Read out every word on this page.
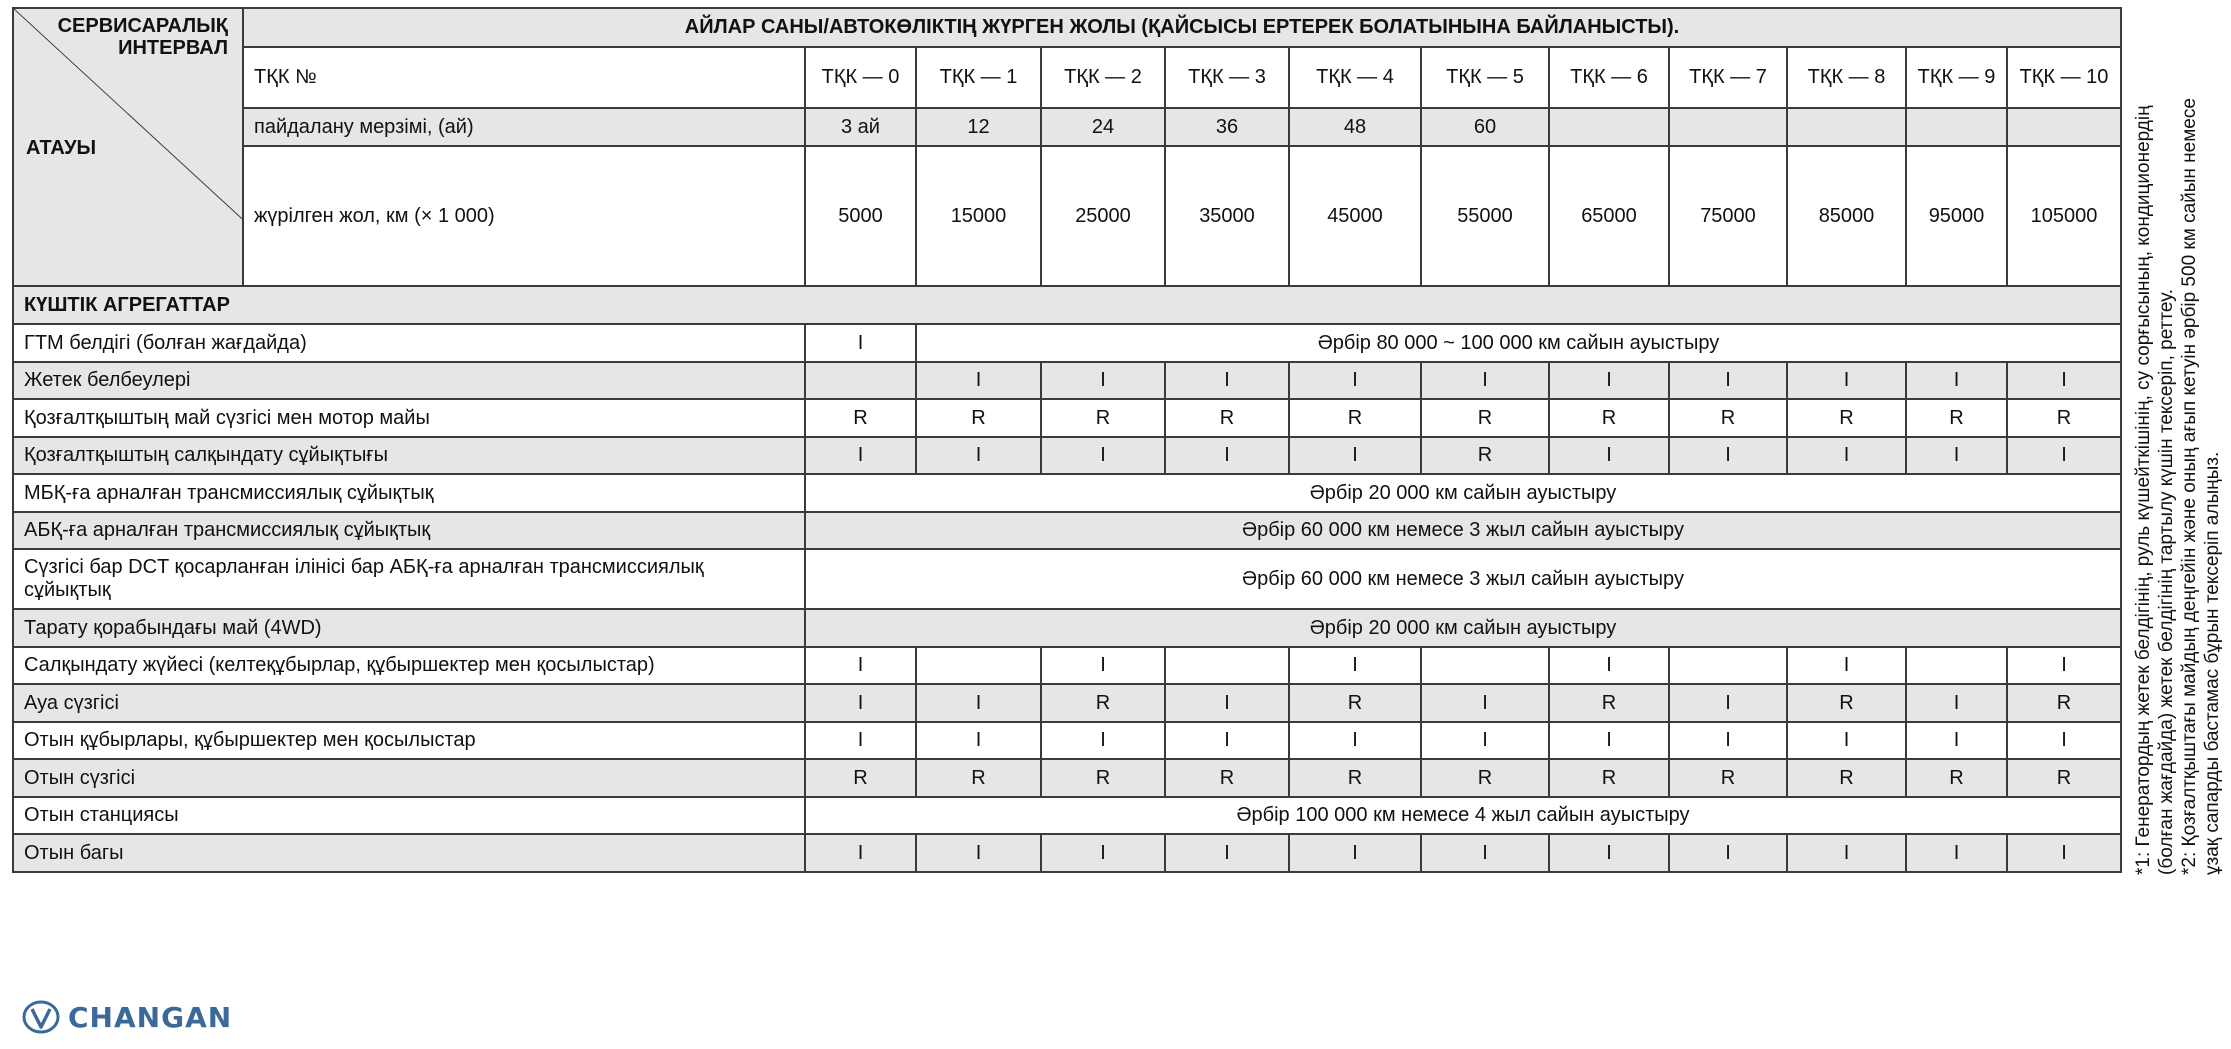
СЕРВИСАРАЛЫҚ ИНТЕРВАЛ
АТАУЫ	АЙЛАР САНЫ/АВТОКӨЛІКТІҢ ЖҮРГЕН ЖОЛЫ (ҚАЙСЫСЫ ЕРТЕРЕК БОЛАТЫНЫНА БАЙЛАНЫСТЫ).											
	ТҚК №	ТҚК — 0	ТҚК — 1	ТҚК — 2	ТҚК — 3	ТҚК — 4	ТҚК — 5	ТҚК — 6	ТҚК — 7	ТҚК — 8	ТҚК — 9	ТҚК — 10
	пайдалану мерзімі, (ай)	3 ай	12	24	36	48	60					
	жүрілген жол, км (× 1 000)	5000	15000	25000	35000	45000	55000	65000	75000	85000	95000	105000
КҮШТІК АГРЕГАТТАР												
ГТМ белдігі (болған жағдайда)		I	Әрбір 80 000 ~ 100 000 км сайын ауыстыру									
Жетек белбеулері			I	I	I	I	I	I	I	I	I	I
Қозғалтқыштың май сүзгісі мен мотор майы		R	R	R	R	R	R	R	R	R	R	R
Қозғалтқыштың салқындату сұйықтығы		I	I	I	I	I	R	I	I	I	I	I
МБҚ-ға арналған трансмиссиялық сұйықтық		Әрбір 20 000 км сайын ауыстыру										
АБҚ-ға арналған трансмиссиялық сұйықтық		Әрбір 60 000 км немесе 3 жыл сайын ауыстыру										
Сүзгісі бар DCT қосарланған ілінісі бар АБҚ-ға арналған трансмиссиялық сұйықтық		Әрбір 60 000 км немесе 3 жыл сайын ауыстыру										
Тарату қорабындағы май (4WD)		Әрбір 20 000 км сайын ауыстыру										
Салқындату жүйесі (келтеқұбырлар, құбыршектер мен қосылыстар)		I		I		I		I		I		I
Ауа сүзгісі		I	I	R	I	R	I	R	I	R	I	R
Отын құбырлары, құбыршектер мен қосылыстар		I	I	I	I	I	I	I	I	I	I	I
Отын сүзгісі		R	R	R	R	R	R	R	R	R	R	R
Отын станциясы		Әрбір 100 000 км немесе 4 жыл сайын ауыстыру										
Отын багы		I	I	I	I	I	I	I	I	I	I	I	*1: Генератордың жетек белдігінің, руль күшейткішінің, су сорғысының, кондиционердің (болған жағдайда) жетек белдігінің тартылу күшін тексеріп, реттеу. *2: Қозғалтқыштағы майдың деңгейін және оның ағып кетуін әрбір 500 км сайын немесе ұзақ сапарды бастамас бұрын тексеріп алыңыз.
CHANGAN
